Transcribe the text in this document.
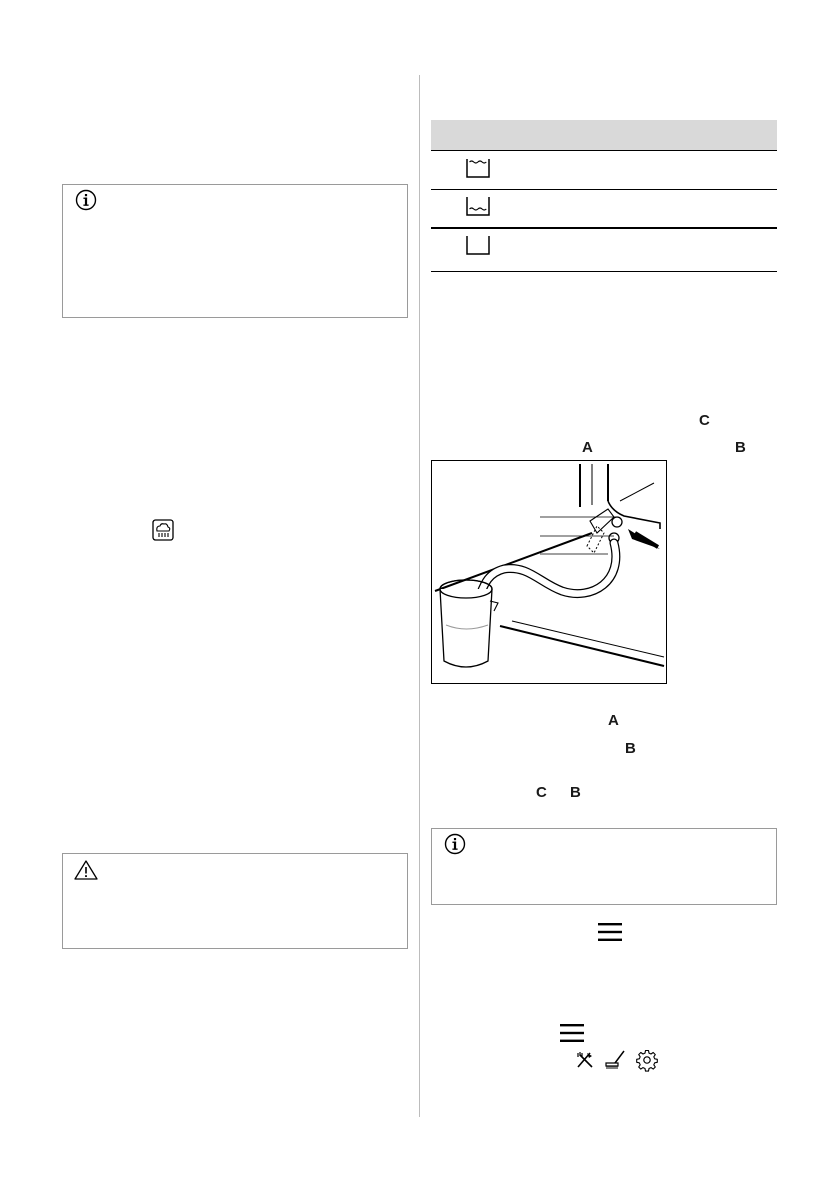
C
A	B
A
B
C B
